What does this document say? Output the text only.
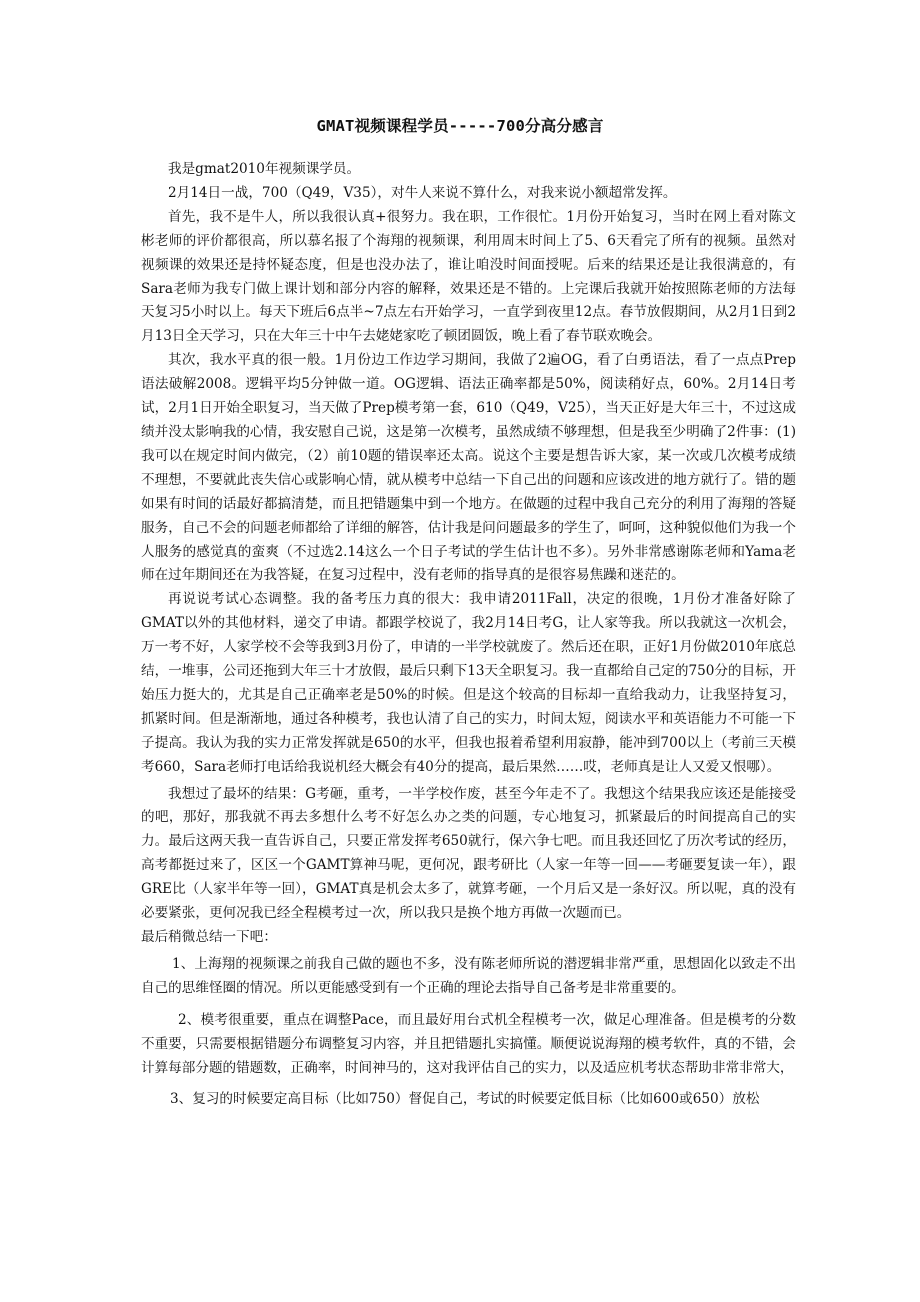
GMAT视频课程学员-----700分高分感言

我是gmat2010年视频课学员。

2月14日一战，700（Q49，V35），对牛人来说不算什么，对我来说小额超常发挥。

首先，我不是牛人，所以我很认真+很努力。我在职，工作很忙。1月份开始复习，当时在网上看对陈文彬老师的评价都很高，所以慕名报了个海翔的视频课，利用周末时间上了5、6天看完了所有的视频。虽然对视频课的效果还是持怀疑态度，但是也没办法了，谁让咱没时间面授呢。后来的结果还是让我很满意的，有Sara老师为我专门做上课计划和部分内容的解释，效果还是不错的。上完课后我就开始按照陈老师的方法每天复习5小时以上。每天下班后6点半~7点左右开始学习，一直学到夜里12点。春节放假期间，从2月1日到2月13日全天学习，只在大年三十中午去姥姥家吃了顿团圆饭，晚上看了春节联欢晚会。

其次，我水平真的很一般。1月份边工作边学习期间，我做了2遍OG，看了白勇语法，看了一点点Prep语法破解2008。逻辑平均5分钟做一道。OG逻辑、语法正确率都是50%，阅读稍好点，60%。2月14日考试，2月1日开始全职复习，当天做了Prep模考第一套，610（Q49，V25），当天正好是大年三十，不过这成绩并没太影响我的心情，我安慰自己说，这是第一次模考，虽然成绩不够理想，但是我至少明确了2件事：(1)我可以在规定时间内做完，（2）前10题的错误率还太高。说这个主要是想告诉大家，某一次或几次模考成绩不理想，不要就此丧失信心或影响心情，就从模考中总结一下自己出的问题和应该改进的地方就行了。错的题如果有时间的话最好都搞清楚，而且把错题集中到一个地方。在做题的过程中我自己充分的利用了海翔的答疑服务，自己不会的问题老师都给了详细的解答，估计我是问问题最多的学生了，呵呵，这种貌似他们为我一个人服务的感觉真的蛮爽（不过选2.14这么一个日子考试的学生估计也不多）。另外非常感谢陈老师和Yama老师在过年期间还在为我答疑，在复习过程中，没有老师的指导真的是很容易焦躁和迷茫的。

再说说考试心态调整。我的备考压力真的很大：我申请2011Fall，决定的很晚，1月份才准备好除了GMAT以外的其他材料，递交了申请。都跟学校说了，我2月14日考G，让人家等我。所以我就这一次机会，万一考不好，人家学校不会等我到3月份了，申请的一半学校就废了。然后还在职，正好1月份做2010年底总结，一堆事，公司还拖到大年三十才放假，最后只剩下13天全职复习。我一直都给自己定的750分的目标，开始压力挺大的，尤其是自己正确率老是50%的时候。但是这个较高的目标却一直给我动力，让我坚持复习，抓紧时间。但是渐渐地，通过各种模考，我也认清了自己的实力，时间太短，阅读水平和英语能力不可能一下子提高。我认为我的实力正常发挥就是650的水平，但我也报着希望利用寂静，能冲到700以上（考前三天模考660，Sara老师打电话给我说机经大概会有40分的提高，最后果然……哎，老师真是让人又爱又恨哪）。

我想过了最坏的结果：G考砸，重考，一半学校作废，甚至今年走不了。我想这个结果我应该还是能接受的吧，那好，那我就不再去多想什么考不好怎么办之类的问题，专心地复习，抓紧最后的时间提高自己的实力。最后这两天我一直告诉自己，只要正常发挥考650就行，保六争七吧。而且我还回忆了历次考试的经历，高考都挺过来了，区区一个GAMT算神马呢，更何况，跟考研比（人家一年等一回——考砸要复读一年），跟GRE比（人家半年等一回），GMAT真是机会太多了，就算考砸，一个月后又是一条好汉。所以呢，真的没有必要紧张，更何况我已经全程模考过一次，所以我只是换个地方再做一次题而已。

最后稍微总结一下吧：

1、上海翔的视频课之前我自己做的题也不多，没有陈老师所说的潜逻辑非常严重，思想固化以致走不出自己的思维怪圈的情况。所以更能感受到有一个正确的理论去指导自己备考是非常重要的。

2、模考很重要，重点在调整Pace，而且最好用台式机全程模考一次，做足心理准备。但是模考的分数不重要，只需要根据错题分布调整复习内容，并且把错题扎实搞懂。顺便说说海翔的模考软件，真的不错，会计算每部分题的错题数，正确率，时间神马的，这对我评估自己的实力，以及适应机考状态帮助非常非常大，

3、复习的时候要定高目标（比如750）督促自己，考试的时候要定低目标（比如600或650）放松
